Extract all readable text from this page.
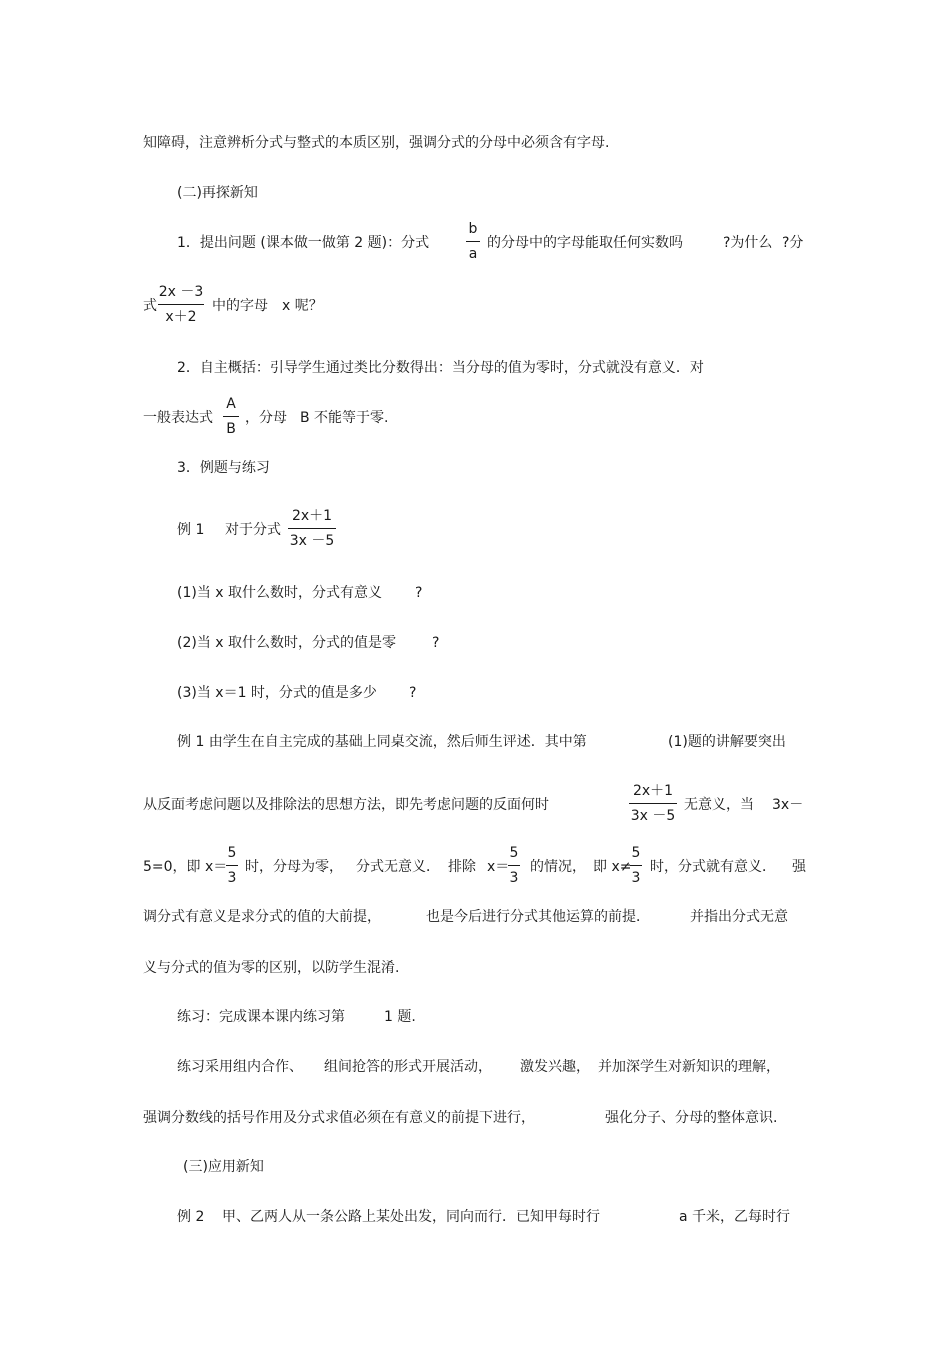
知障碍，注意辨析分式与整式的本质区别，强调分式的分母中必须含有字母.
(二)再探新知
1．提出问题 (课本做一做第 2 题)：分式
b
a
的分母中的字母能取任何实数吗	?为什么 ?分
式
2x －3
x＋2
中的字母 x 呢？
2．自主概括：引导学生通过类比分数得出：当分母的值为零时，分式就没有意义．对
一般表达式
A
B
，分母 B 不能等于零.
3．例题与练习
例 1 对于分式
2x＋1
3x －5
(1)当 x 取什么数时，分式有意义 ?
(2)当 x 取什么数时，分式的值是零	?
(3)当 x＝1 时，分式的值是多少 ?
例 1 由学生在自主完成的基础上同桌交流，然后师生评述．其中第	(1)题的讲解要突出
从反面考虑问题以及排除法的思想方法，即先考虑问题的反面何时
2x＋1
3x －5
无意义，当 3x－
5=0，即 x＝
5
3
时，分母为零， 分式无意义． 排除 x＝
5
3
的情况， 即 x≠
5
3
时，分式就有意义． 强
调分式有意义是求分式的值的大前提，	也是今后进行分式其他运算的前提．	并指出分式无意
义与分式的值为零的区别，以防学生混淆.
练习：完成课本课内练习第	1 题.
练习采用组内合作、 组间抢答的形式开展活动， 激发兴趣， 并加深学生对新知识的理解，
强调分数线的括号作用及分式求值必须在有意义的前提下进行，	强化分子、分母的整体意识.
(三)应用新知
例 2 甲、乙两人从一条公路上某处出发，同向而行．已知甲每时行	a 千米，乙每时行
